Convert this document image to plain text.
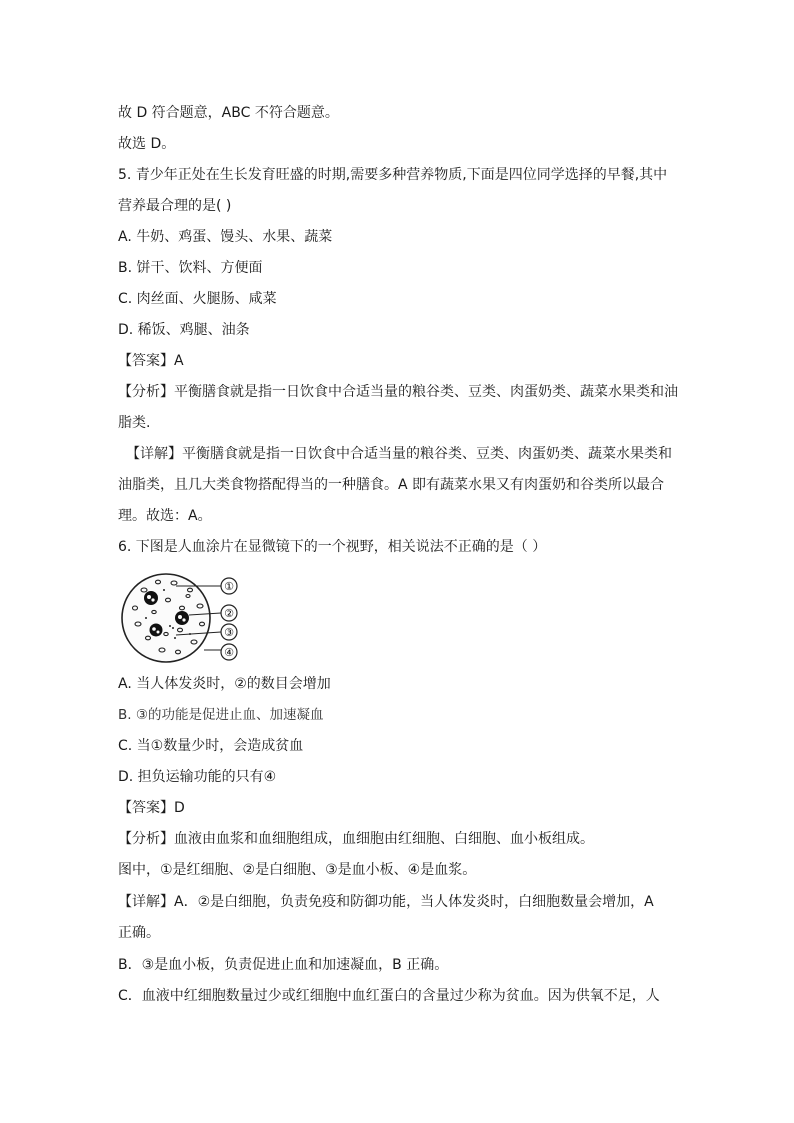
故 D 符合题意，ABC 不符合题意。
故选 D。
5. 青少年正处在生长发育旺盛的时期,需要多种营养物质,下面是四位同学选择的早餐,其中
营养最合理的是( )
A. 牛奶、鸡蛋、馒头、水果、蔬菜
B. 饼干、饮料、方便面
C. 肉丝面、火腿肠、咸菜
D. 稀饭、鸡腿、油条
【答案】A
【分析】平衡膳食就是指一日饮食中合适当量的粮谷类、豆类、肉蛋奶类、蔬菜水果类和油
脂类.
【详解】平衡膳食就是指一日饮食中合适当量的粮谷类、豆类、肉蛋奶类、蔬菜水果类和
油脂类，且几大类食物搭配得当的一种膳食。A 即有蔬菜水果又有肉蛋奶和谷类所以最合
理。故选：A。
6. 下图是人血涂片在显微镜下的一个视野，相关说法不正确的是（ ）
①
②
③
④
A. 当人体发炎时，②的数目会增加
B. ③的功能是促进止血、加速凝血
C. 当①数量少时，会造成贫血
D. 担负运输功能的只有④
【答案】D
【分析】血液由血浆和血细胞组成，血细胞由红细胞、白细胞、血小板组成。
图中，①是红细胞、②是白细胞、③是血小板、④是血浆。
【详解】A．②是白细胞，负责免疫和防御功能，当人体发炎时，白细胞数量会增加，A
正确。
B．③是血小板，负责促进止血和加速凝血，B 正确。
C．血液中红细胞数量过少或红细胞中血红蛋白的含量过少称为贫血。因为供氧不足，人
